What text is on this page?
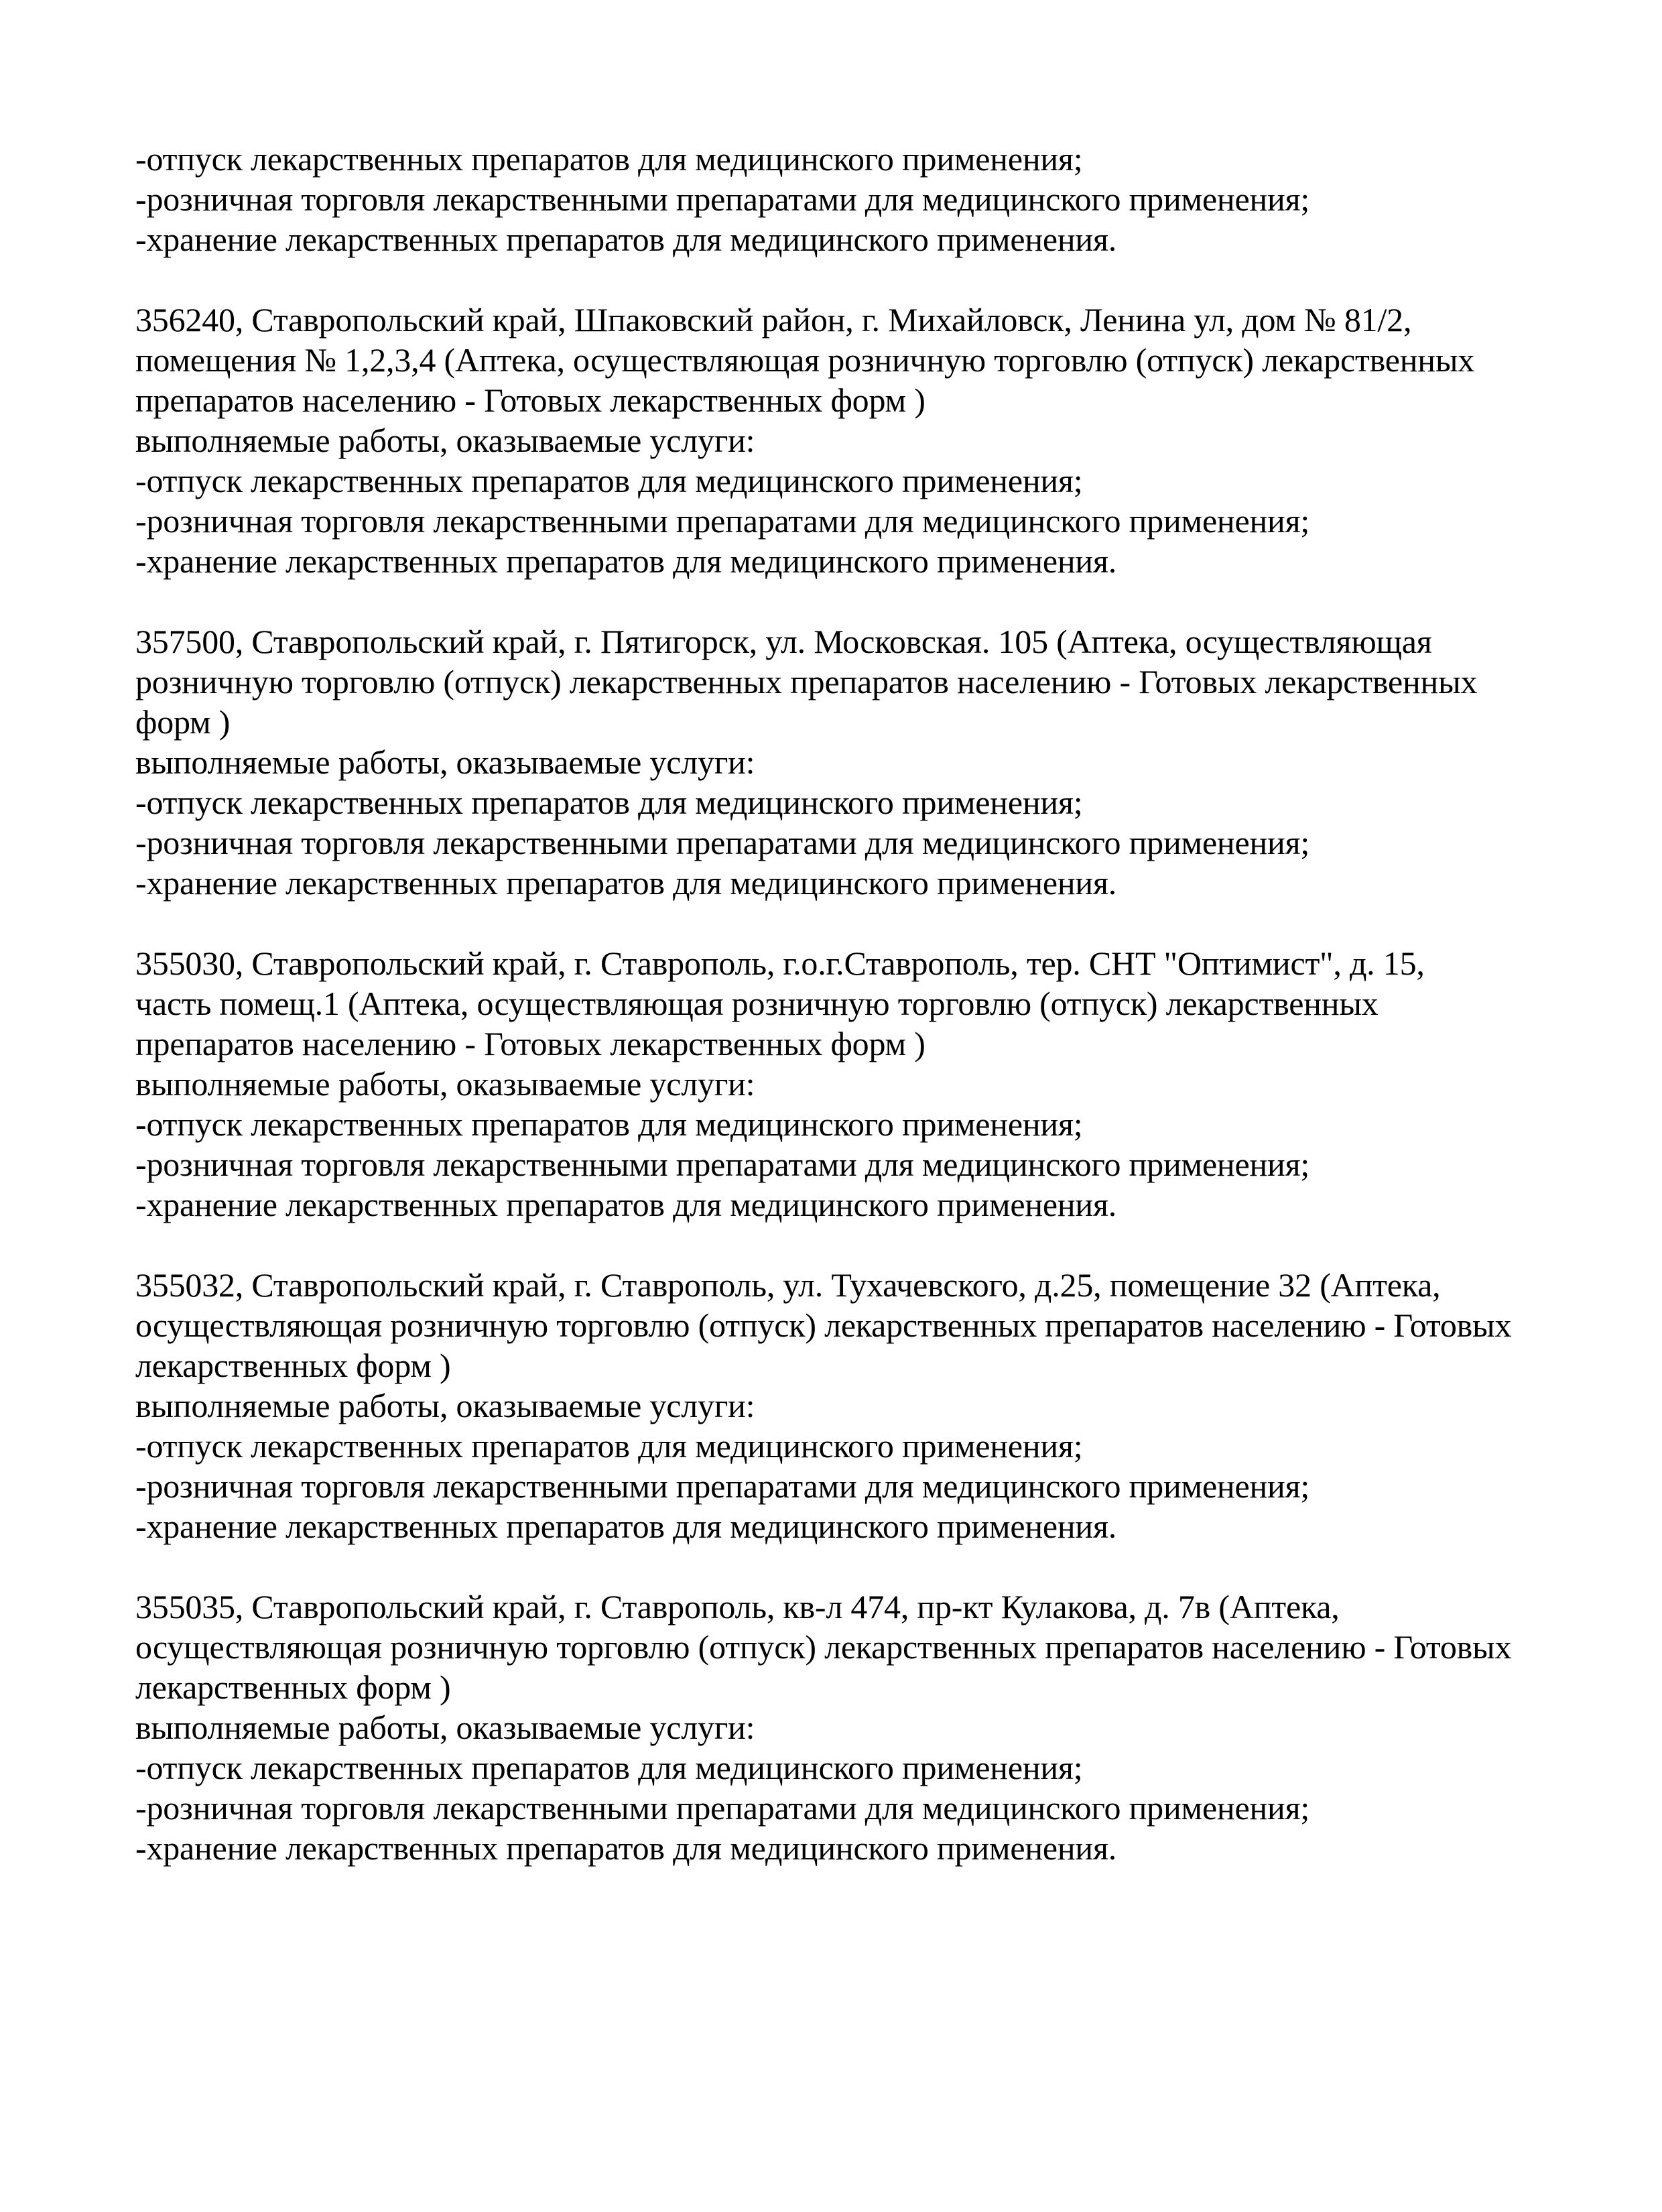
-отпуск лекарственных препаратов для медицинского применения;
-розничная торговля лекарственными препаратами для медицинского применения;
-хранение лекарственных препаратов для медицинского применения.
356240, Ставропольский край, Шпаковский район, г. Михайловск, Ленина ул, дом № 81/2,
помещения № 1,2,3,4 (Аптека, осуществляющая розничную торговлю (отпуск) лекарственных
препаратов населению - Готовых лекарственных форм )
выполняемые работы, оказываемые услуги:
-отпуск лекарственных препаратов для медицинского применения;
-розничная торговля лекарственными препаратами для медицинского применения;
-хранение лекарственных препаратов для медицинского применения.
357500, Ставропольский край, г. Пятигорск, ул. Московская. 105 (Аптека, осуществляющая
розничную торговлю (отпуск) лекарственных препаратов населению - Готовых лекарственных
форм )
выполняемые работы, оказываемые услуги:
-отпуск лекарственных препаратов для медицинского применения;
-розничная торговля лекарственными препаратами для медицинского применения;
-хранение лекарственных препаратов для медицинского применения.
355030, Ставропольский край, г. Ставрополь, г.о.г.Ставрополь, тер. СНТ "Оптимист", д. 15,
часть помещ.1 (Аптека, осуществляющая розничную торговлю (отпуск) лекарственных
препаратов населению - Готовых лекарственных форм )
выполняемые работы, оказываемые услуги:
-отпуск лекарственных препаратов для медицинского применения;
-розничная торговля лекарственными препаратами для медицинского применения;
-хранение лекарственных препаратов для медицинского применения.
355032, Ставропольский край, г. Ставрополь, ул. Тухачевского, д.25, помещение 32 (Аптека,
осуществляющая розничную торговлю (отпуск) лекарственных препаратов населению - Готовых
лекарственных форм )
выполняемые работы, оказываемые услуги:
-отпуск лекарственных препаратов для медицинского применения;
-розничная торговля лекарственными препаратами для медицинского применения;
-хранение лекарственных препаратов для медицинского применения.
355035, Ставропольский край, г. Ставрополь, кв-л 474, пр-кт Кулакова, д. 7в (Аптека,
осуществляющая розничную торговлю (отпуск) лекарственных препаратов населению - Готовых
лекарственных форм )
выполняемые работы, оказываемые услуги:
-отпуск лекарственных препаратов для медицинского применения;
-розничная торговля лекарственными препаратами для медицинского применения;
-хранение лекарственных препаратов для медицинского применения.
